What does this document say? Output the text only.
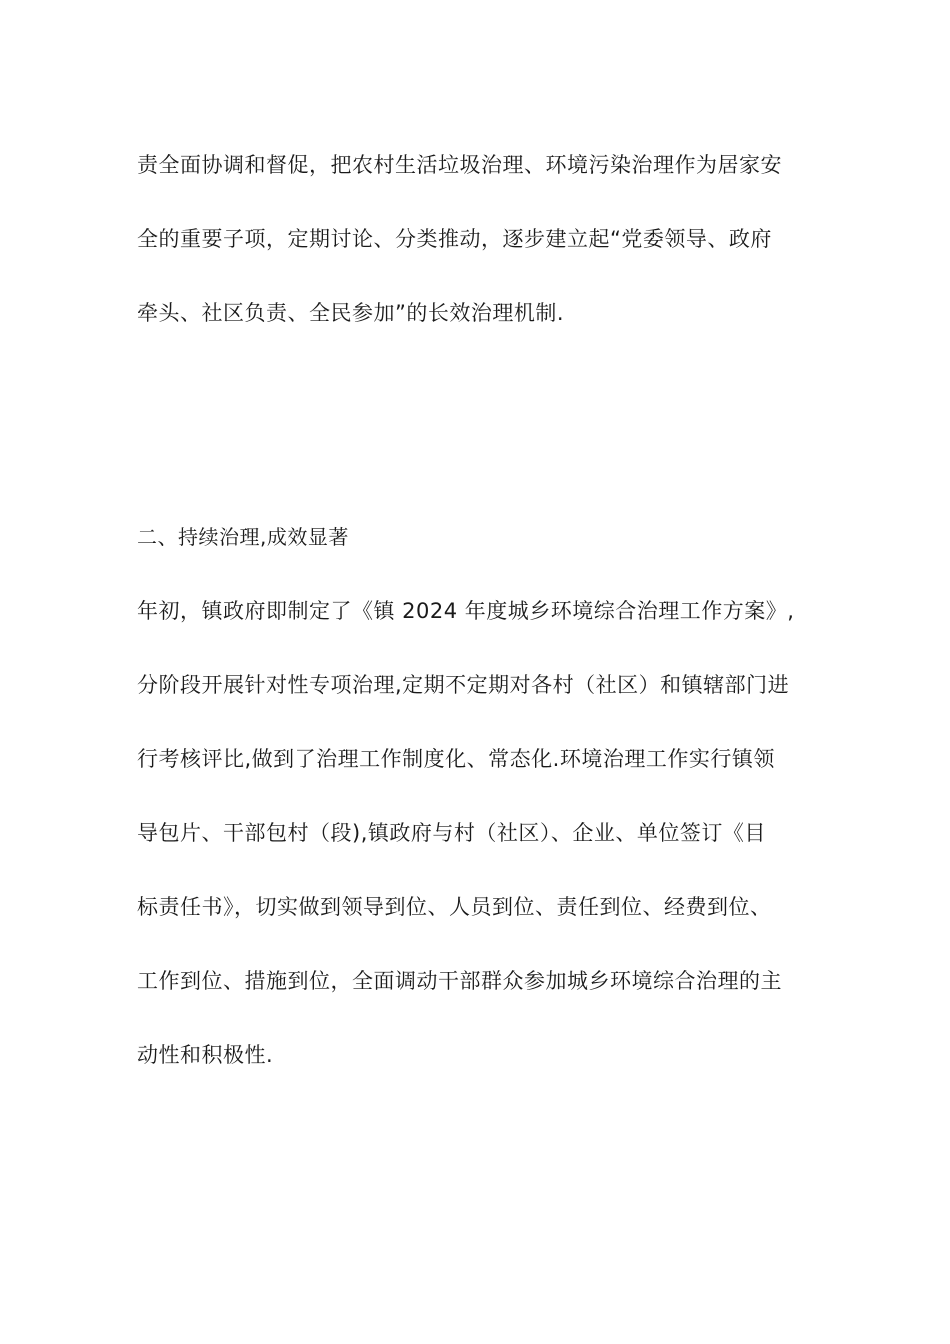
责全面协调和督促，把农村生活垃圾治理、环境污染治理作为居家安
全的重要子项，定期讨论、分类推动，逐步建立起“党委领导、政府
牵头、社区负责、全民参加”的长效治理机制.
二、持续治理,成效显著
年初，镇政府即制定了《镇 2024 年度城乡环境综合治理工作方案》,
分阶段开展针对性专项治理,定期不定期对各村（社区）和镇辖部门进
行考核评比,做到了治理工作制度化、常态化.环境治理工作实行镇领
导包片、干部包村（段),镇政府与村（社区）、企业、单位签订《目
标责任书》，切实做到领导到位、人员到位、责任到位、经费到位、
工作到位、措施到位，全面调动干部群众参加城乡环境综合治理的主
动性和积极性.
